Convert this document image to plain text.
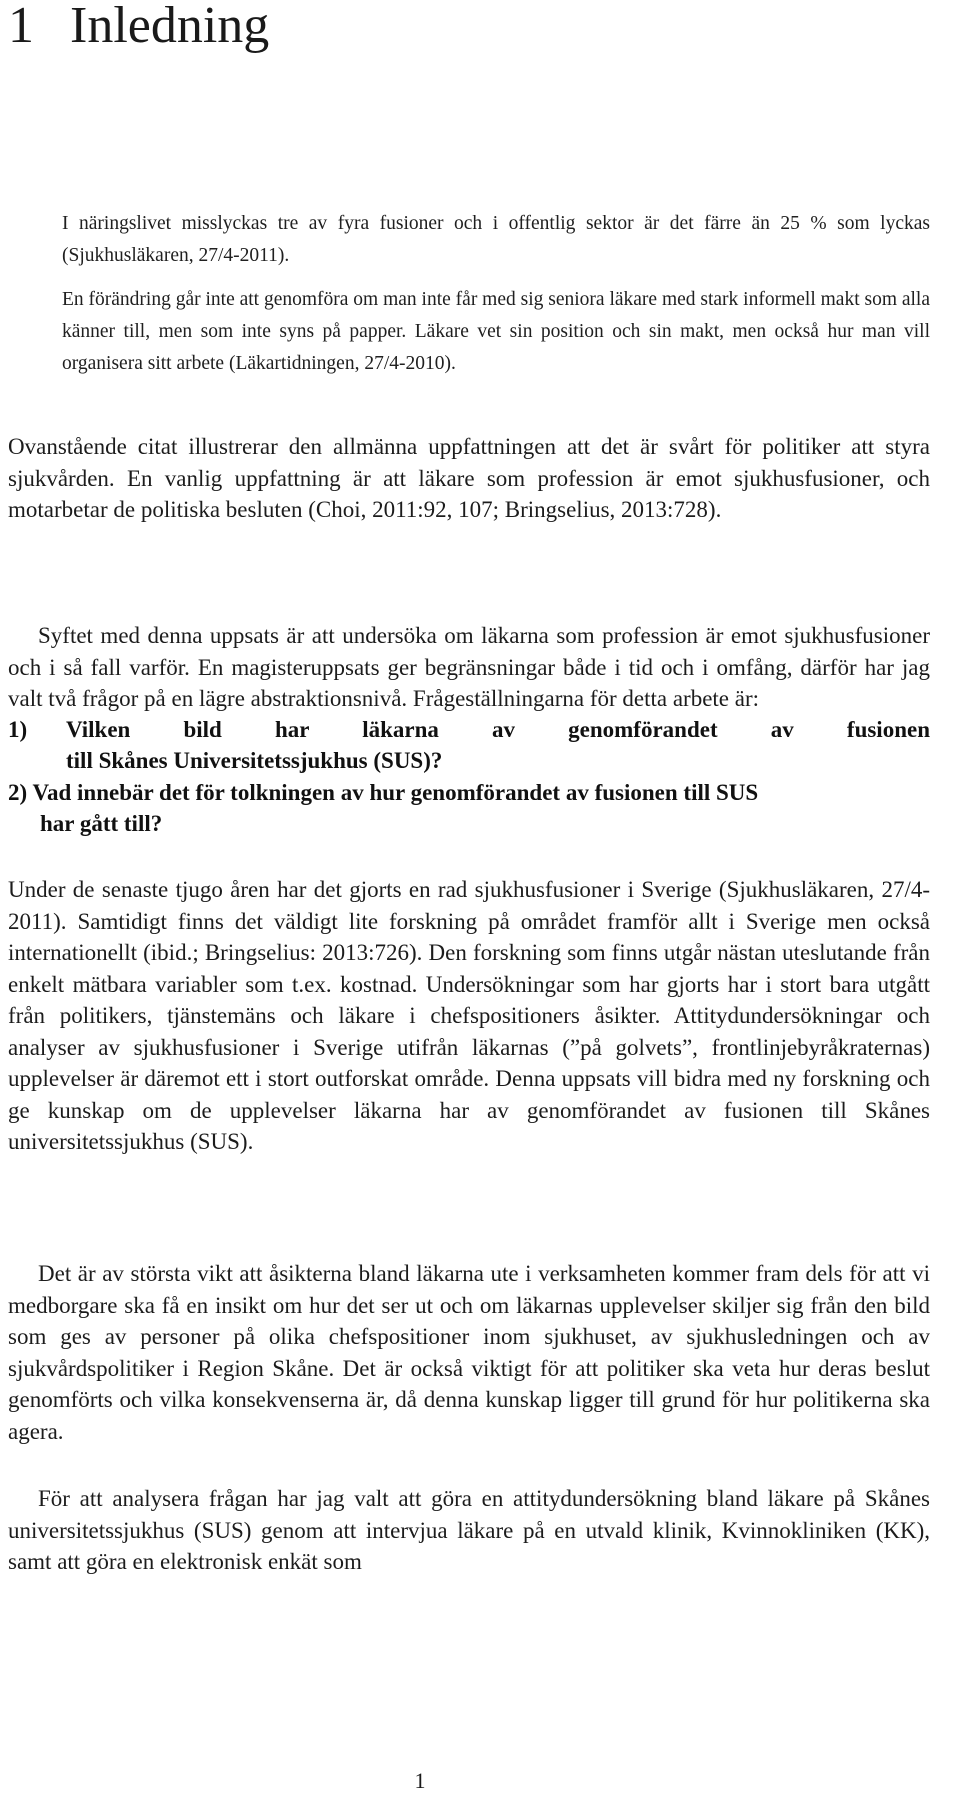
1 Inledning
I näringslivet misslyckas tre av fyra fusioner och i offentlig sektor är det färre än 25 % som lyckas (Sjukhusläkaren, 27/4-2011).
En förändring går inte att genomföra om man inte får med sig seniora läkare med stark informell makt som alla känner till, men som inte syns på papper. Läkare vet sin position och sin makt, men också hur man vill organisera sitt arbete (Läkartidningen, 27/4-2010).

Ovanstående citat illustrerar den allmänna uppfattningen att det är svårt för politiker att styra sjukvården. En vanlig uppfattning är att läkare som profession är emot sjukhusfusioner, och motarbetar de politiska besluten (Choi, 2011:92, 107; Bringselius, 2013:728).

Syftet med denna uppsats är att undersöka om läkarna som profession är emot sjukhusfusioner och i så fall varför. En magisteruppsats ger begränsningar både i tid och i omfång, därför har jag valt två frågor på en lägre abstraktionsnivå. Frågeställningarna för detta arbete är:

1)	Vilken bild har läkarna av genomförandet av fusionen
till Skånes Universitetssjukhus (SUS)?
2) Vad innebär det för tolkningen av hur genomförandet av fusionen till SUS
har gått till?

Under de senaste tjugo åren har det gjorts en rad sjukhusfusioner i Sverige (Sjukhusläkaren, 27/4-2011). Samtidigt finns det väldigt lite forskning på området framför allt i Sverige men också internationellt (ibid.; Bringselius: 2013:726). Den forskning som finns utgår nästan uteslutande från enkelt mätbara variabler som t.ex. kostnad. Undersökningar som har gjorts har i stort bara utgått från politikers, tjänstemäns och läkare i chefspositioners åsikter. Attitydundersökningar och analyser av sjukhusfusioner i Sverige utifrån läkarnas (”på golvets”, frontlinjebyråkraternas) upplevelser är däremot ett i stort outforskat område. Denna uppsats vill bidra med ny forskning och ge kunskap om de upplevelser läkarna har av genomförandet av fusionen till Skånes universitetssjukhus (SUS).

Det är av största vikt att åsikterna bland läkarna ute i verksamheten kommer fram dels för att vi medborgare ska få en insikt om hur det ser ut och om läkarnas upplevelser skiljer sig från den bild som ges av personer på olika chefspositioner inom sjukhuset, av sjukhusledningen och av sjukvårdspolitiker i Region Skåne. Det är också viktigt för att politiker ska veta hur deras beslut genomförts och vilka konsekvenserna är, då denna kunskap ligger till grund för hur politikerna ska agera.

För att analysera frågan har jag valt att göra en attitydundersökning bland läkare på Skånes universitetssjukhus (SUS) genom att intervjua läkare på en utvald klinik, Kvinnokliniken (KK), samt att göra en elektronisk enkät som

1
